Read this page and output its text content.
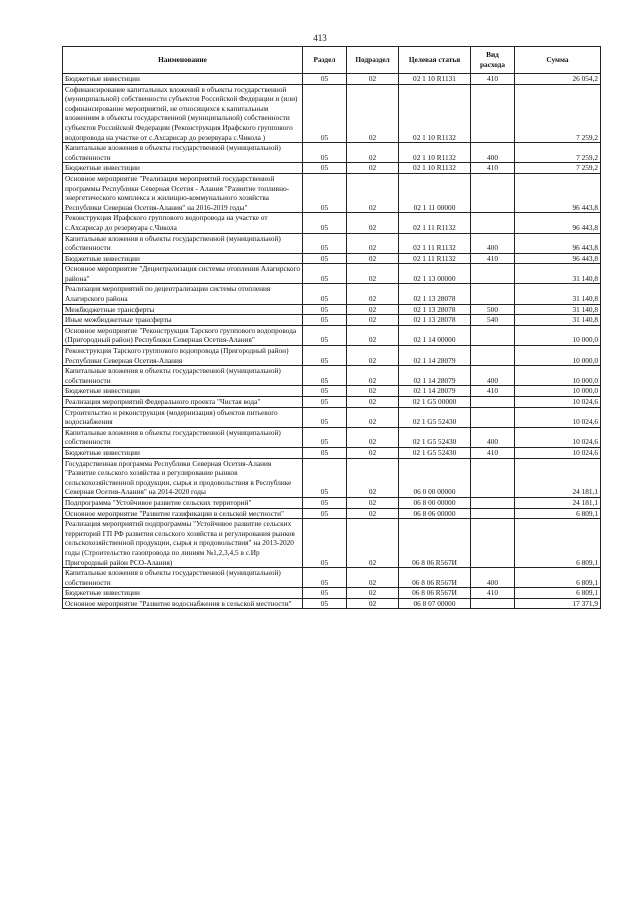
413
Наименование	Раздел	Подраздел	Целевая статья	Вид расхода	Сумма
Бюджетные инвестиции	05	02	02 1 10 R1131	410	26 054,2
Софинансирование капитальных вложений в объекты государственной (муниципальной) собственности субъектов Российской Федерации и (или) софинансирование мероприятий, не относящихся к капитальным вложениям в объекты государственной (муниципальной) собственности субъектов Российской Федерации (Реконструкция Ирафского группового водопровода на участке от с.Ахсарисар до резервуара с.Чикола )	05	02	02 1 10 R1132		7 259,2
Капитальные вложения в объекты государственной (муниципальной) собственности	05	02	02 1 10 R1132	400	7 259,2
Бюджетные инвестиции	05	02	02 1 10 R1132	410	7 259,2
Основное мероприятие "Реализация мероприятий государственной программы Республики Северная Осетия - Алания "Развитие топливно-энергетического комплекса и жилищно-коммунального хозяйства Республики Северная Осетия-Алания" на 2016-2019 годы"	05	02	02 1 11 00000		96 443,8
Реконструкция Ирафского группового водопровода на участке от с.Ахсарисар до резервуара с.Чикола	05	02	02 1 11 R1132		96 443,8
Капитальные вложения в объекты государственной (муниципальной) собственности	05	02	02 1 11 R1132	400	96 443,8
Бюджетные инвестиции	05	02	02 1 11 R1132	410	96 443,8
Основное мероприятие "Децентрализация системы отопления Алагирского района"	05	02	02 1 13 00000		31 140,8
Реализация мероприятий по децентрализации системы отопления Алагирского района	05	02	02 1 13 28078		31 140,8
Межбюджетные трансферты	05	02	02 1 13 28078	500	31 140,8
Иные межбюджетные трансферты	05	02	02 1 13 28078	540	31 140,8
Основное мероприятие "Реконструкция Тарского группового водопровода (Пригородный район) Республики Северная Осетия-Алания"	05	02	02 1 14 00000		10 000,0
Реконструкция Тарского группового водопровода (Пригородный район) Республики Северная Осетия-Алания	05	02	02 1 14 28079		10 000,0
Капитальные вложения в объекты государственной (муниципальной) собственности	05	02	02 1 14 28079	400	10 000,0
Бюджетные инвестиции	05	02	02 1 14 28079	410	10 000,0
Реализация мероприятий Федерального проекта "Чистая вода"	05	02	02 1 G5 00000		10 024,6
Строительство и реконструкция (модернизация) объектов питьевого водоснабжения	05	02	02 1 G5 52430		10 024,6
Капитальные вложения в объекты государственной (муниципальной) собственности	05	02	02 1 G5 52430	400	10 024,6
Бюджетные инвестиции	05	02	02 1 G5 52430	410	10 024,6
Государственная программа Республики Северная Осетия-Алания "Развитие сельского хозяйства и регулирование рынков сельскохозяйственной продукции, сырья и продовольствия в Республике Северная Осетия-Алания" на 2014-2020 годы	05	02	06 0 00 00000		24 181,1
Подпрограмма "Устойчивое развитие сельских территорий"	05	02	06 8 00 00000		24 181,1
Основное мероприятие "Развитие газификации в сельской местности"	05	02	06 8 06 00000		6 809,1
Реализация мероприятий подпрограммы "Устойчивое развитие сельских территорий ГП РФ развития сельского хозяйства и регулирования рынков сельскохозяйственной продукции, сырья и продовольствия" на 2013-2020 годы (Строительство газопровода по линиям №1,2,3,4,5 в с.Ир Пригородный район РСО-Алания)	05	02	06 8 06 R567И		6 809,1
Капитальные вложения в объекты государственной (муниципальной) собственности	05	02	06 8 06 R567И	400	6 809,1
Бюджетные инвестиции	05	02	06 8 06 R567И	410	6 809,1
Основное мероприятие "Развитие водоснабжения в сельской местности"	05	02	06 8 07 00000		17 371,9
